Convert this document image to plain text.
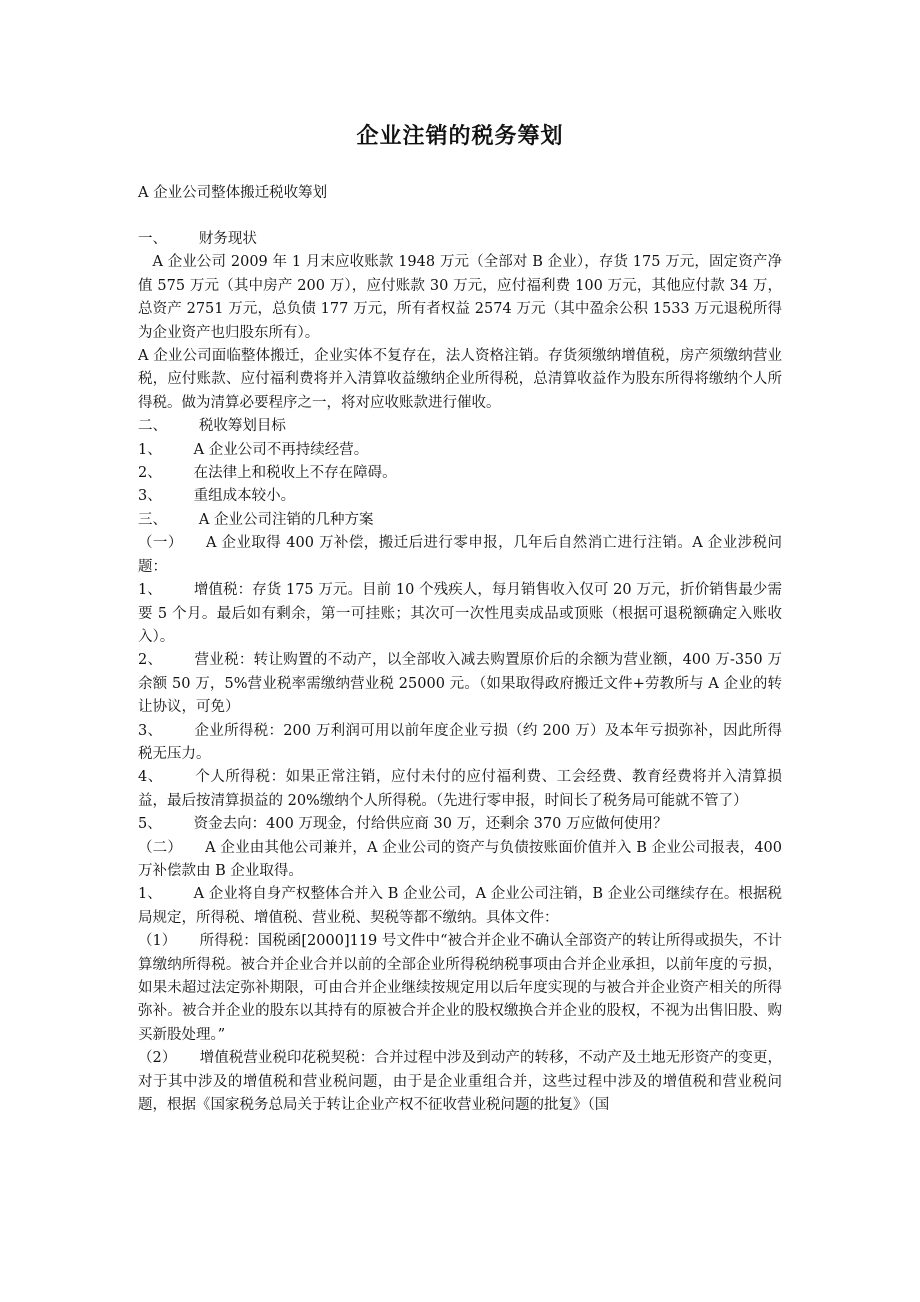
企业注销的税务筹划
A 企业公司整体搬迁税收筹划

一、 财务现状

A 企业公司 2009 年 1 月末应收账款 1948 万元（全部对 B 企业），存货 175 万元，固定资产净值 575 万元（其中房产 200 万），应付账款 30 万元，应付福利费 100 万元，其他应付款 34 万，总资产 2751 万元，总负债 177 万元，所有者权益 2574 万元（其中盈余公积 1533 万元退税所得为企业资产也归股东所有）。

A 企业公司面临整体搬迁，企业实体不复存在，法人资格注销。存货须缴纳增值税，房产须缴纳营业税，应付账款、应付福利费将并入清算收益缴纳企业所得税，总清算收益作为股东所得将缴纳个人所得税。做为清算必要程序之一，将对应收账款进行催收。

二、 税收筹划目标

1、 A 企业公司不再持续经营。

2、 在法律上和税收上不存在障碍。

3、 重组成本较小。

三、 A 企业公司注销的几种方案

（一） A 企业取得 400 万补偿，搬迁后进行零申报，几年后自然消亡进行注销。A 企业涉税问题：

1、 增值税：存货 175 万元。目前 10 个残疾人，每月销售收入仅可 20 万元，折价销售最少需要 5 个月。最后如有剩余，第一可挂账；其次可一次性甩卖成品或顶账（根据可退税额确定入账收入）。

2、 营业税：转让购置的不动产，以全部收入减去购置原价后的余额为营业额，400 万-350 万余额 50 万，5%营业税率需缴纳营业税 25000 元。（如果取得政府搬迁文件+劳教所与 A 企业的转让协议，可免）

3、 企业所得税：200 万利润可用以前年度企业亏损（约 200 万）及本年亏损弥补，因此所得税无压力。

4、 个人所得税：如果正常注销，应付未付的应付福利费、工会经费、教育经费将并入清算损益，最后按清算损益的 20%缴纳个人所得税。（先进行零申报，时间长了税务局可能就不管了）

5、 资金去向：400 万现金，付给供应商 30 万，还剩余 370 万应做何使用？

（二） A 企业由其他公司兼并，A 企业公司的资产与负债按账面价值并入 B 企业公司报表，400 万补偿款由 B 企业取得。

1、 A 企业将自身产权整体合并入 B 企业公司，A 企业公司注销，B 企业公司继续存在。根据税局规定，所得税、增值税、营业税、契税等都不缴纳。具体文件：

（1） 所得税：国税函[2000]119 号文件中“被合并企业不确认全部资产的转让所得或损失，不计算缴纳所得税。被合并企业合并以前的全部企业所得税纳税事项由合并企业承担，以前年度的亏损，如果未超过法定弥补期限，可由合并企业继续按规定用以后年度实现的与被合并企业资产相关的所得弥补。被合并企业的股东以其持有的原被合并企业的股权缴换合并企业的股权，不视为出售旧股、购买新股处理。”

（2） 增值税营业税印花税契税：合并过程中涉及到动产的转移，不动产及土地无形资产的变更，对于其中涉及的增值税和营业税问题，由于是企业重组合并，这些过程中涉及的增值税和营业税问题，根据《国家税务总局关于转让企业产权不征收营业税问题的批复》（国
